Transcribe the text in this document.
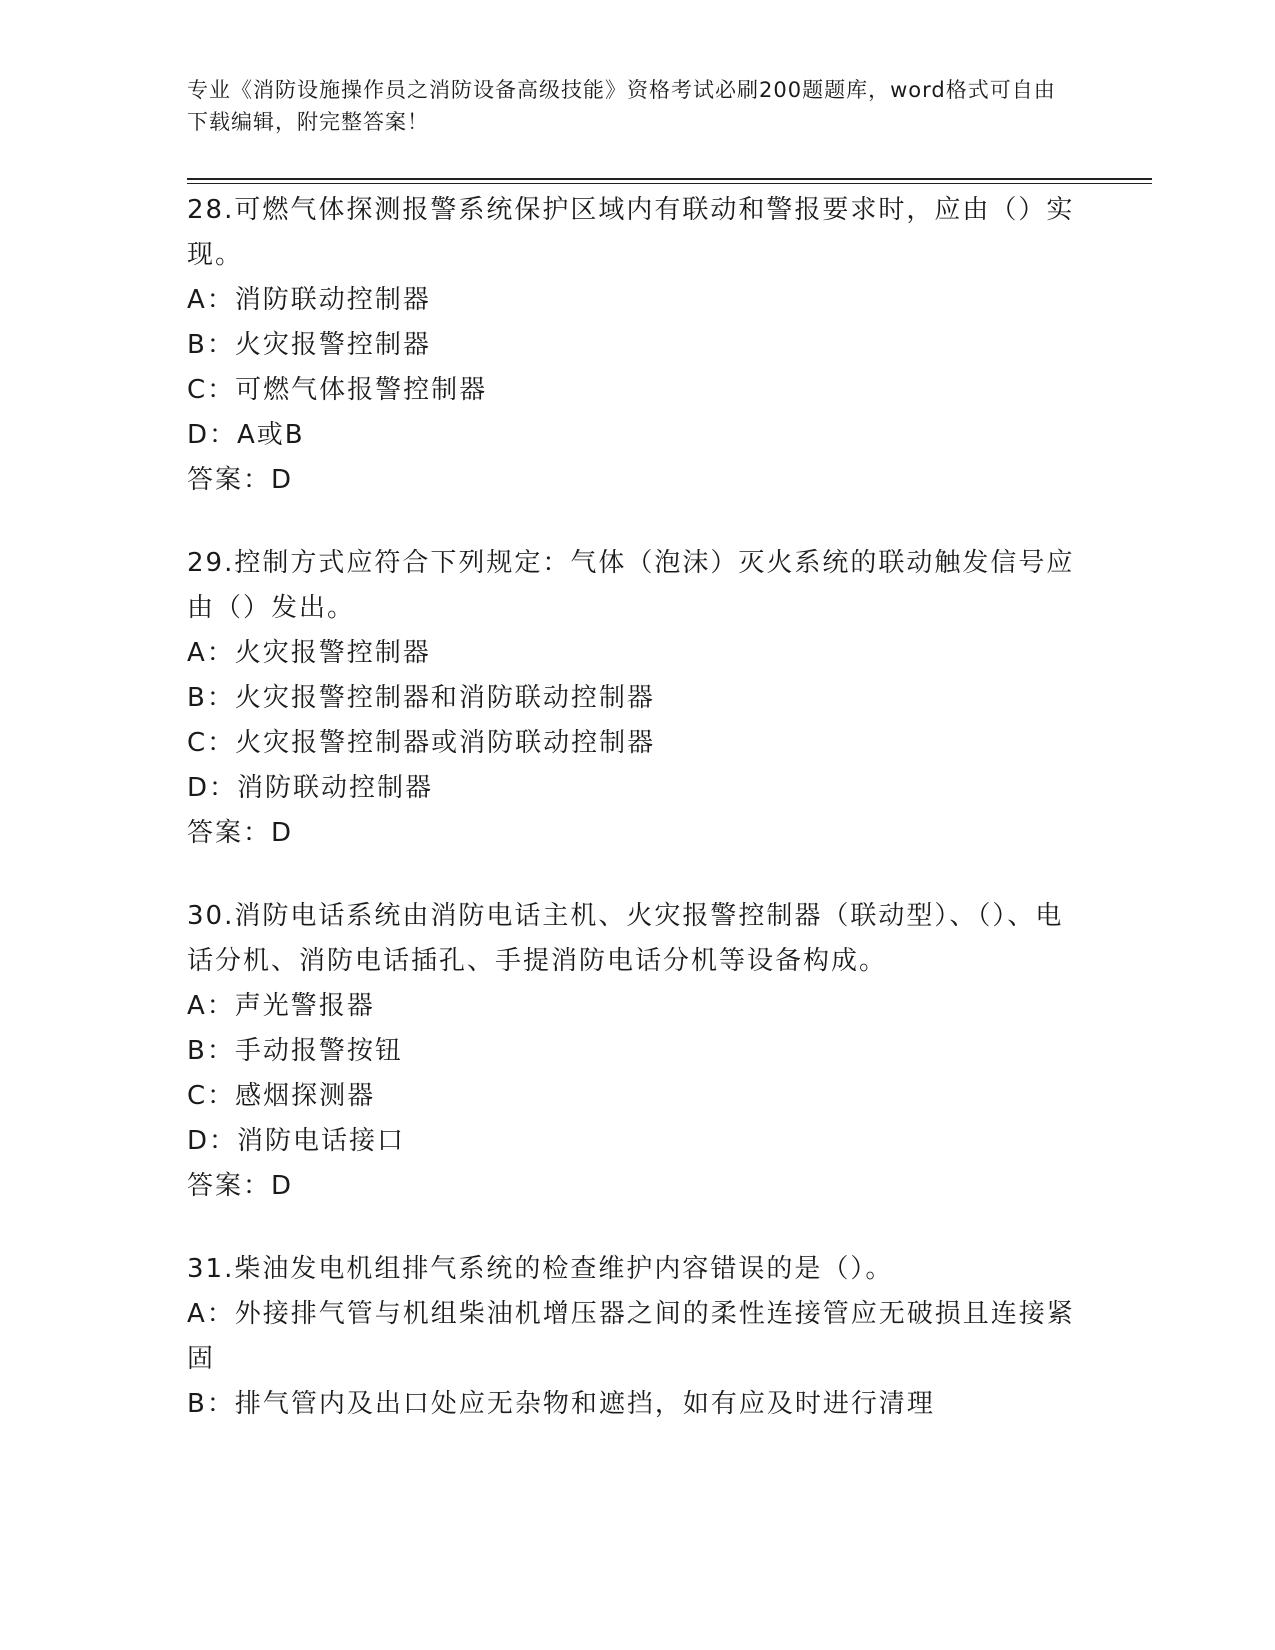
专业《消防设施操作员之消防设备高级技能》资格考试必刷200题题库，word格式可自由下载编辑，附完整答案！
28.可燃气体探测报警系统保护区域内有联动和警报要求时，应由（）实现。
A：消防联动控制器
B：火灾报警控制器
C：可燃气体报警控制器
D：A或B
答案：D
29.控制方式应符合下列规定：气体（泡沫）灭火系统的联动触发信号应由（）发出。
A：火灾报警控制器
B：火灾报警控制器和消防联动控制器
C：火灾报警控制器或消防联动控制器
D：消防联动控制器
答案：D
30.消防电话系统由消防电话主机、火灾报警控制器（联动型）、（）、电话分机、消防电话插孔、手提消防电话分机等设备构成。
A：声光警报器
B：手动报警按钮
C：感烟探测器
D：消防电话接口
答案：D
31.柴油发电机组排气系统的检查维护内容错误的是（）。
A：外接排气管与机组柴油机增压器之间的柔性连接管应无破损且连接紧固
B：排气管内及出口处应无杂物和遮挡，如有应及时进行清理
